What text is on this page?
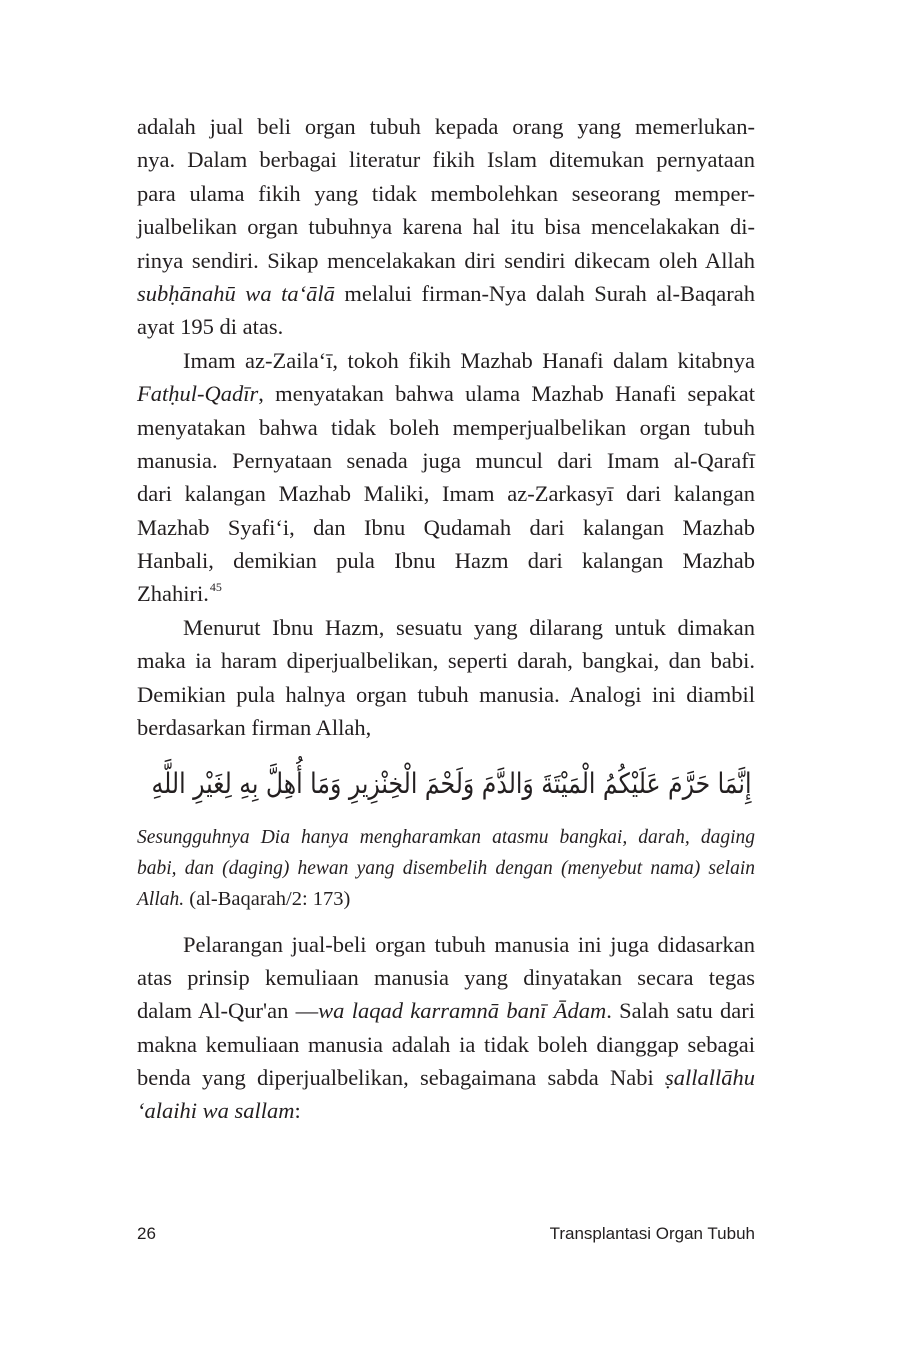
adalah jual beli organ tubuh kepada orang yang memerlukan-
nya. Dalam berbagai literatur fikih Islam ditemukan pernyataan
para ulama fikih yang tidak membolehkan seseorang memper-
jualbelikan organ tubuhnya karena hal itu bisa mencelakakan di-
rinya sendiri. Sikap mencelakakan diri sendiri dikecam oleh Allah
subḥānahū wa ta‘ālā melalui firman-Nya dalah Surah al-Baqarah
ayat 195 di atas.
Imam az-Zaila‘ī, tokoh fikih Mazhab Hanafi dalam kitabnya
Fatḥul-Qadīr, menyatakan bahwa ulama Mazhab Hanafi sepakat
menyatakan bahwa tidak boleh memperjualbelikan organ tubuh
manusia. Pernyataan senada juga muncul dari Imam al-Qarafī
dari kalangan Mazhab Maliki, Imam az-Zarkasyī dari kalangan
Mazhab Syafi‘i, dan Ibnu Qudamah dari kalangan Mazhab
Hanbali, demikian pula Ibnu Hazm dari kalangan Mazhab
Zhahiri.$^{45}$
Menurut Ibnu Hazm, sesuatu yang dilarang untuk dimakan
maka ia haram diperjualbelikan, seperti darah, bangkai, dan babi.
Demikian pula halnya organ tubuh manusia. Analogi ini diambil
berdasarkan firman Allah,
إِنَّمَا حَرَّمَ عَلَيْكُمُ الْمَيْتَةَ وَالدَّمَ وَلَحْمَ الْخِنْزِيرِ وَمَا أُهِلَّ بِهِ لِغَيْرِ اللَّهِ
Sesungguhnya Dia hanya mengharamkan atasmu bangkai, darah, daging
babi, dan (daging) hewan yang disembelih dengan (menyebut nama) selain
Allah. (al-Baqarah/2: 173)
Pelarangan jual-beli organ tubuh manusia ini juga didasarkan
atas prinsip kemuliaan manusia yang dinyatakan secara tegas
dalam Al-Qur'an —wa laqad karramnā banī Ādam. Salah satu dari
makna kemuliaan manusia adalah ia tidak boleh dianggap sebagai
benda yang diperjualbelikan, sebagaimana sabda Nabi ṣallallāhu
‘alaihi wa sallam:
26	Transplantasi Organ Tubuh
